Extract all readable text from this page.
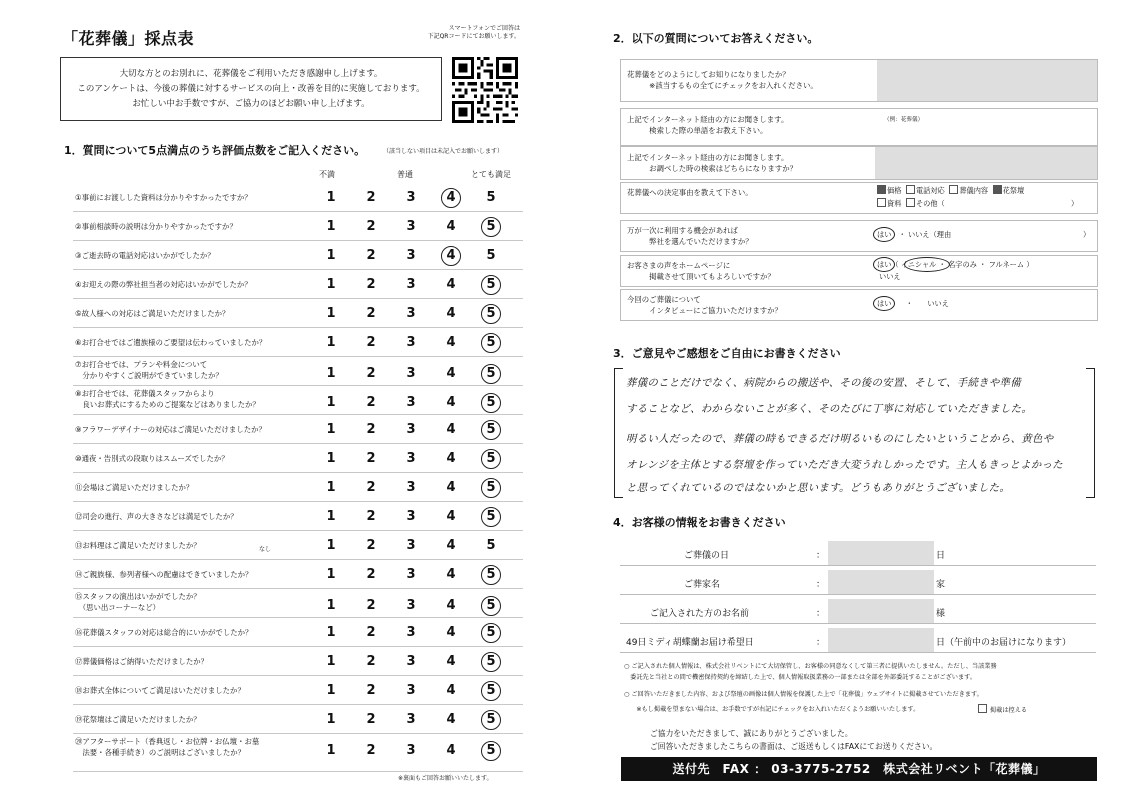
「花葬儀」採点表
スマートフォンでご回答は
下記QRコードにてお願いします。
大切な方とのお別れに、花葬儀をご利用いただき感謝申し上げます。
このアンケートは、今後の葬儀に対するサービスの向上・改善を目的に実施しております。
お忙しい中お手数ですが、ご協力のほどお願い申し上げます。
1．質問について5点満点のうち評価点数をご記入ください。	（該当しない項目は未記入でお願いします）
不満	普通	とても満足
①事前にお渡しした資料は分かりやすかったですか？	1	2	3	4	5
②事前相談時の説明は分かりやすかったですか？	1	2	3	4	5
③ご逝去時の電話対応はいかがでしたか？	1	2	3	4	5
④お迎えの際の弊社担当者の対応はいかがでしたか？	1	2	3	4	5
⑤故人様への対応はご満足いただけましたか？	1	2	3	4	5
⑥お打合せではご遺族様のご要望は伝わっていましたか？	1	2	3	4	5
⑦お打合せでは、プランや料金について
　分かりやすくご説明ができていましたか？	1	2	3	4	5
⑧お打合せでは、花葬儀スタッフからより
　良いお葬式にするためのご提案などはありましたか？	1	2	3	4	5
⑨フラワーデザイナーの対応はご満足いただけましたか？	1	2	3	4	5
⑩通夜・告別式の段取りはスムーズでしたか？	1	2	3	4	5
⑪会場はご満足いただけましたか？	1	2	3	4	5
⑫司会の進行、声の大きさなどは満足でしたか？	1	2	3	4	5
⑬お料理はご満足いただけましたか？	1	2	3	4	5
なし
⑭ご親族様、参列者様への配慮はできていましたか？	1	2	3	4	5
⑮スタッフの演出はいかがでしたか？
　（思い出コーナーなど）	1	2	3	4	5
⑯花葬儀スタッフの対応は総合的にいかがでしたか？	1	2	3	4	5
⑰葬儀価格はご納得いただけましたか？	1	2	3	4	5
⑱お葬式全体についてご満足はいただけましたか？	1	2	3	4	5
⑲花祭壇はご満足いただけましたか？	1	2	3	4	5
⑳アフターサポート（香典返し・お位牌・お仏壇・お墓
　法要・各種手続き）のご説明はございましたか？	1	2	3	4	5
※裏面もご回答お願いいたします。
2．以下の質問についてお答えください。
花葬儀をどのようにしてお知りになりましたか？
　　　※該当するもの全てにチェックをお入れください。
上記でインターネット経由の方にお聞きします。
　　　検索した際の単語をお教え下さい。
（例：花葬儀）
上記でインターネット経由の方にお聞きします。
　　　お調べした時の検索はどちらになりますか？
花葬儀への決定事由を教えて下さい。	価格 電話対応 葬儀内容 花祭壇
資料 その他（	）
万が一次に利用する機会があれば
　　　弊社を選んでいただけますか？
はい　・ いいえ（理由	）
お客さまの声をホームページに
　　　掲載させて頂いてもよろしいですか？
はい（ イニシャル ・ 名字のみ ・ フルネーム ）
いいえ
今回のご葬儀について
　　　インタビューにご協力いただけますか？
はい　　・　　いいえ
3．ご意見やご感想をご自由にお書きください
葬儀のことだけでなく、病院からの搬送や、その後の安置、そして、手続きや準備
することなど、わからないことが多く、そのたびに丁寧に対応していただきました。
明るい人だったので、葬儀の時もできるだけ明るいものにしたいということから、黄色や
オレンジを主体とする祭壇を作っていただき大変うれしかったです。主人もきっとよかった
と思ってくれているのではないかと思います。どうもありがとうございました。
4．お客様の情報をお書きください
ご葬儀の日	：	日
ご葬家名	：	家
ご記入された方のお名前	：	様
49日ミディ胡蝶蘭お届け希望日	：	日（午前中のお届けになります）
○ ご記入された個人情報は、株式会社リベントにて大切保管し、お客様の同意なくして第三者に提供いたしません。ただし、当該業務
　委託先と当社との間で機密保持契約を締結した上で、個人情報取扱業務の一部または全部を外部委託することがございます。
○ ご回答いただきました内容、および祭壇の画像は個人情報を保護した上で「花葬儀」ウェブサイトに掲載させていただきます。
　　※もし掲載を望まない場合は、お手数ですが右記にチェックをお入れいただくようお願いいたします。	掲載は控える
ご協力をいただきまして、誠にありがとうございました。
ご回答いただきましたこちらの書面は、ご返送もしくはFAXにてお送りください。
送付先　FAX ： 03-3775-2752　株式会社リベント「花葬儀」
